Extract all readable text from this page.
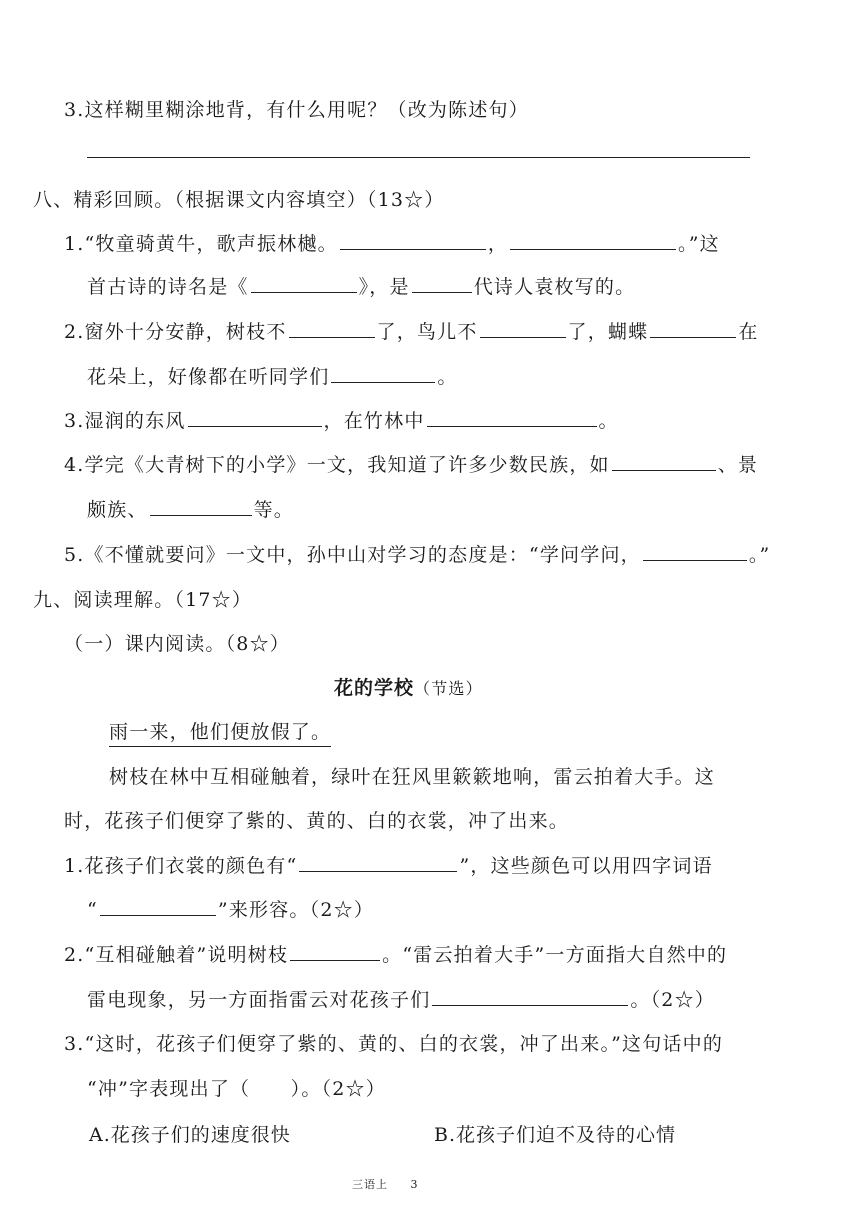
3.这样糊里糊涂地背，有什么用呢？（改为陈述句）
八、精彩回顾。（根据课文内容填空）（13☆）
1.“牧童骑黄牛，歌声振林樾。	，	。”这
首古诗的诗名是《	》，是	代诗人袁枚写的。
2.窗外十分安静，树枝不	了，鸟儿不	了，蝴蝶	在
花朵上，好像都在听同学们	。
3.湿润的东风	，在竹林中	。
4.学完《大青树下的小学》一文，我知道了许多少数民族，如	、景
颇族、	等。
5.《不懂就要问》一文中，孙中山对学习的态度是：“学问学问，	。”
九、阅读理解。（17☆）
（一）课内阅读。（8☆）
花的学校（节选）
雨一来，他们便放假了。
树枝在林中互相碰触着，绿叶在狂风里簌簌地响，雷云拍着大手。这
时，花孩子们便穿了紫的、黄的、白的衣裳，冲了出来。
1.花孩子们衣裳的颜色有“	”，这些颜色可以用四字词语
“	”来形容。（2☆）
2.“互相碰触着”说明树枝	。“雷云拍着大手”一方面指大自然中的
雷电现象，另一方面指雷云对花孩子们	。（2☆）
3.“这时，花孩子们便穿了紫的、黄的、白的衣裳，冲了出来。”这句话中的
“冲”字表现出了（　　）。（2☆）
A.花孩子们的速度很快	B.花孩子们迫不及待的心情
三语上 3
